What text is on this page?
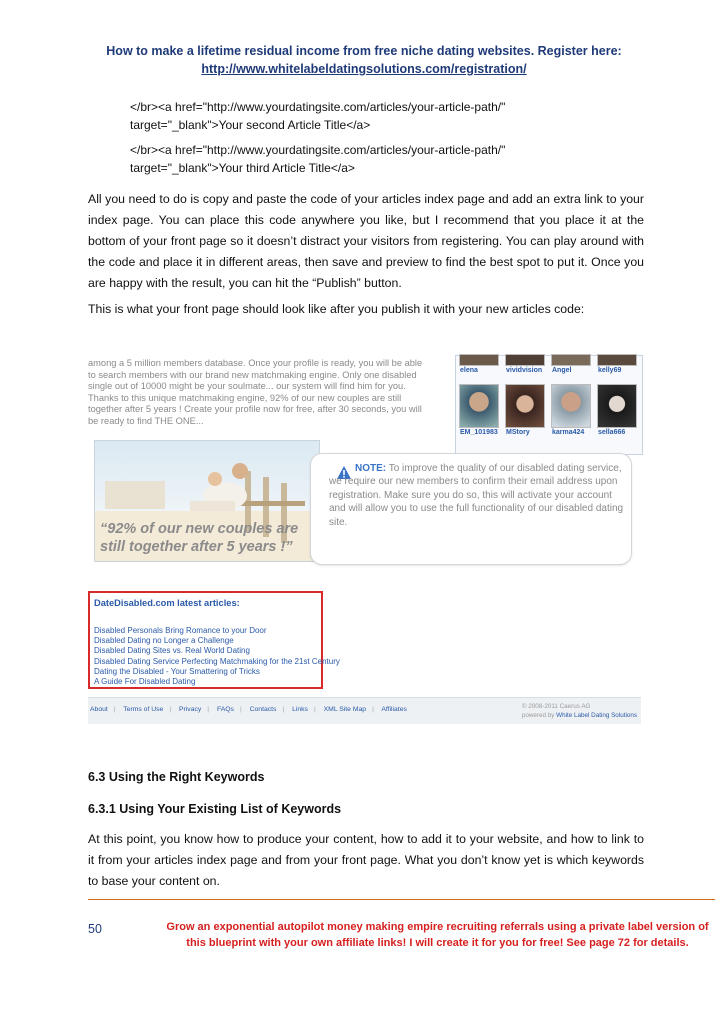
How to make a lifetime residual income from free niche dating websites. Register here:
http://www.whitelabeldatingsolutions.com/registration/
</br><a href="http://www.yourdatingsite.com/articles/your-article-path/"
target="_blank">Your second Article Title</a>
</br><a href="http://www.yourdatingsite.com/articles/your-article-path/"
target="_blank">Your third Article Title</a>
All you need to do is copy and paste the code of your articles index page and add an extra link to your index page. You can place this code anywhere you like, but I recommend that you place it at the bottom of your front page so it doesn’t distract your visitors from registering. You can play around with the code and place it in different areas, then save and preview to find the best spot to put it. Once you are happy with the result, you can hit the “Publish” button.
This is what your front page should look like after you publish it with your new articles code:
among a 5 million members database. Once your profile is ready, you will be able to search members with our brand new matchmaking engine. Only one disabled single out of 10000 might be your soulmate... our system will find him for you. Thanks to this unique matchmaking engine, 92% of our new couples are still together after 5 years ! Create your profile now for free, after 30 seconds, you will be ready to find THE ONE...
elena	vividvision Angel	kelly69
EM_101983 MStory	karma424 sella666
“92% of our new couples are
still together after 5 years !”
NOTE: To improve the quality of our disabled dating service, we require our new members to confirm their email address upon registration. Make sure you do so, this will activate your account and will allow you to use the full functionality of our disabled dating site.
DateDisabled.com latest articles:
Disabled Personals Bring Romance to your Door
Disabled Dating no Longer a Challenge
Disabled Dating Sites vs. Real World Dating
Disabled Dating Service Perfecting Matchmaking for the 21st Century
Dating the Disabled - Your Smattering of Tricks
A Guide For Disabled Dating
About | Terms of Use | Privacy | FAQs | Contacts | Links | XML Site Map | Affiliates	© 2008-2011 Caerus AG
powered by White Label Dating Solutions
6.3 Using the Right Keywords
6.3.1 Using Your Existing List of Keywords
At this point, you know how to produce your content, how to add it to your website, and how to link to it from your articles index page and from your front page. What you don’t know yet is which keywords to base your content on.
50	Grow an exponential autopilot money making empire recruiting referrals using a private label version of this blueprint with your own affiliate links! I will create it for you for free! See page 72 for details.
